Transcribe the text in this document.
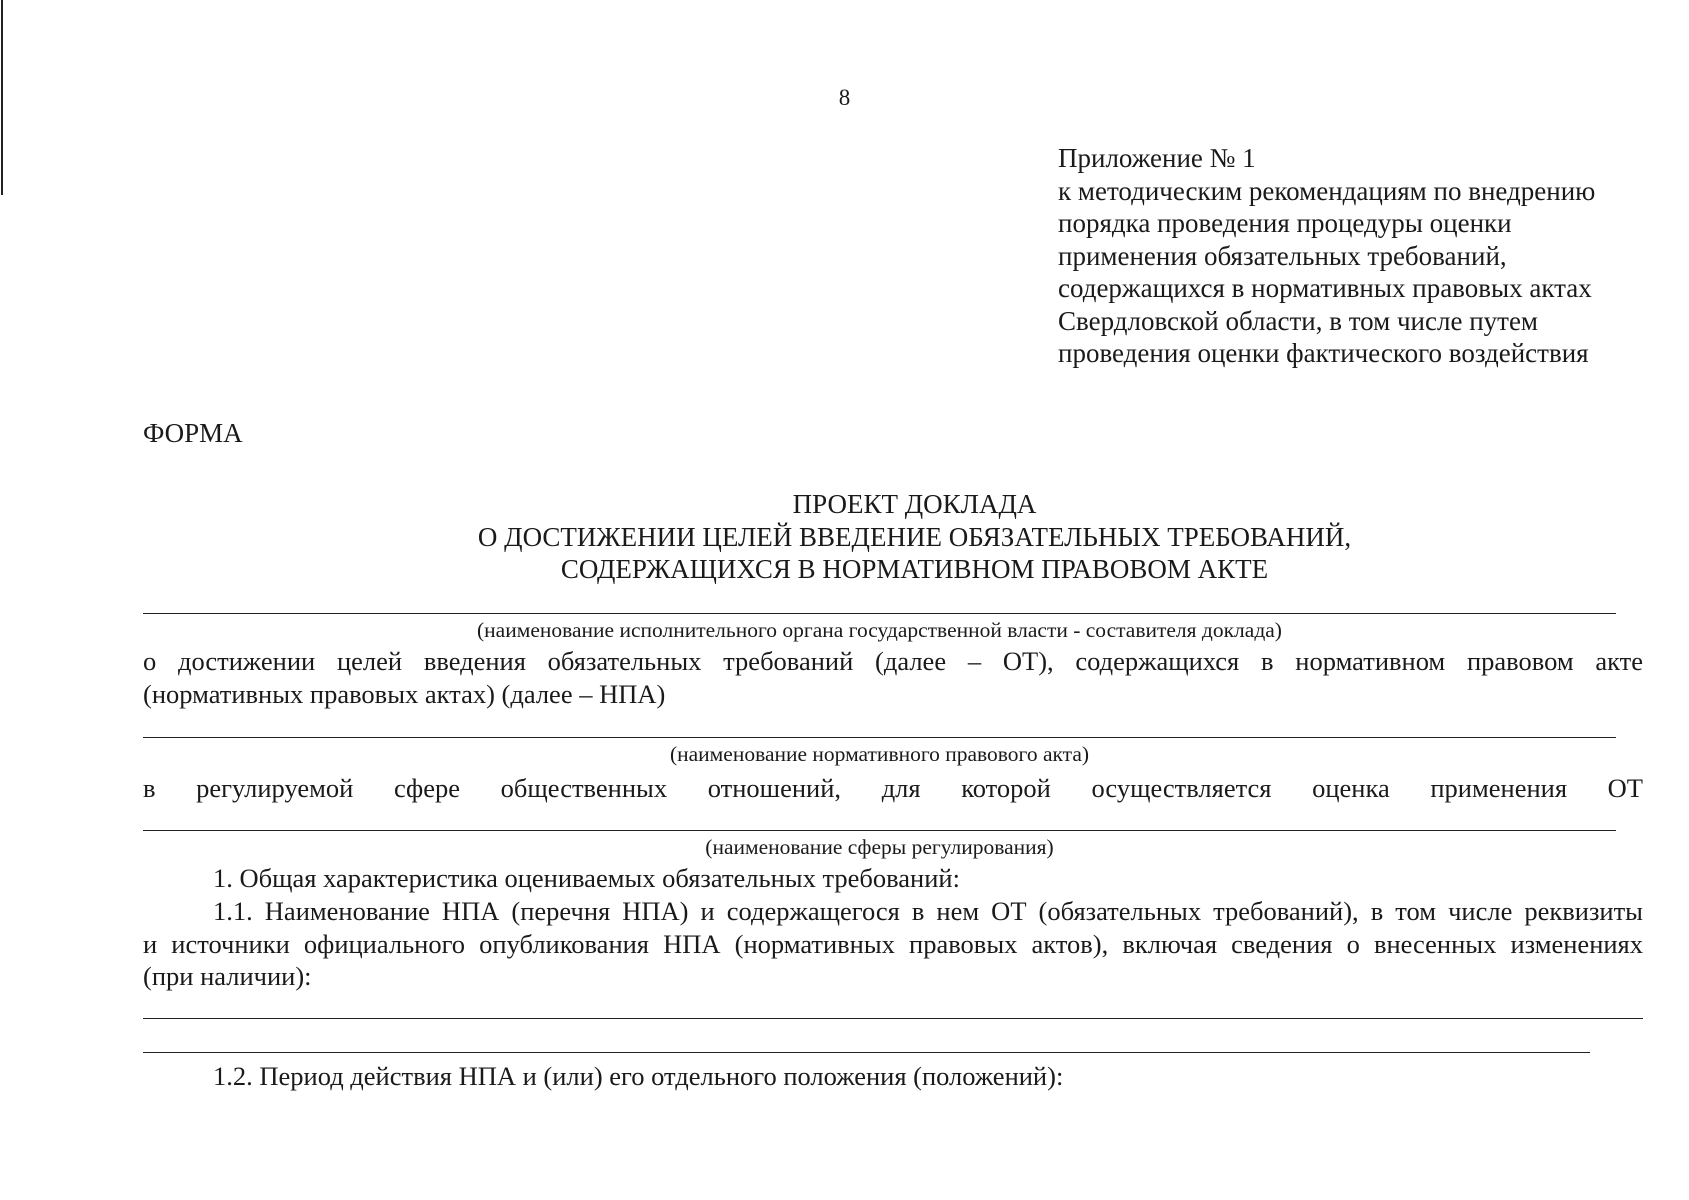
8
Приложение № 1
к методическим рекомендациям по внедрению
порядка проведения процедуры оценки
применения обязательных требований,
содержащихся в нормативных правовых актах
Свердловской области, в том числе путем
проведения оценки фактического воздействия
ФОРМА
ПРОЕКТ ДОКЛАДА
О ДОСТИЖЕНИИ ЦЕЛЕЙ ВВЕДЕНИЕ ОБЯЗАТЕЛЬНЫХ ТРЕБОВАНИЙ,
СОДЕРЖАЩИХСЯ В НОРМАТИВНОМ ПРАВОВОМ АКТЕ
(наименование исполнительного органа государственной власти - составителя доклада)
о достижении целей введения обязательных требований (далее – ОТ), содержащихся в нормативном правовом акте
(нормативных правовых актах) (далее – НПА)
(наименование нормативного правового акта)
в регулируемой сфере общественных отношений, для которой осуществляется оценка применения ОТ
(наименование сферы регулирования)
1. Общая характеристика оцениваемых обязательных требований:
1.1. Наименование НПА (перечня НПА) и содержащегося в нем ОТ (обязательных требований), в том числе реквизиты
и источники официального опубликования НПА (нормативных правовых актов), включая сведения о внесенных изменениях
(при наличии):
1.2. Период действия НПА и (или) его отдельного положения (положений):
